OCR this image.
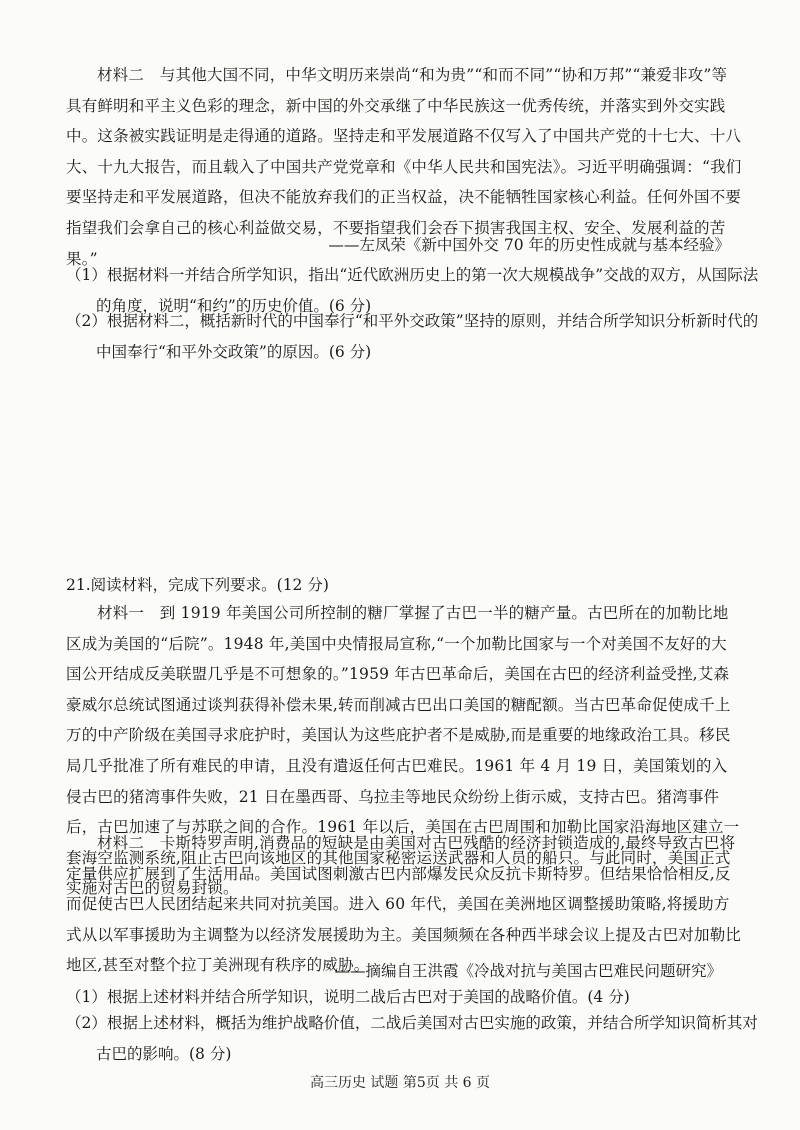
材料二　与其他大国不同，中华文明历来崇尚“和为贵”“和而不同”“协和万邦”“兼爱非攻”等具有鲜明和平主义色彩的理念，新中国的外交承继了中华民族这一优秀传统，并落实到外交实践中。这条被实践证明是走得通的道路。坚持走和平发展道路不仅写入了中国共产党的十七大、十八大、十九大报告，而且载入了中国共产党党章和《中华人民共和国宪法》。习近平明确强调：“我们要坚持走和平发展道路，但决不能放弃我们的正当权益，决不能牺牲国家核心利益。任何外国不要指望我们会拿自己的核心利益做交易，不要指望我们会吞下损害我国主权、安全、发展利益的苦果。”

——左凤荣《新中国外交 70 年的历史性成就与基本经验》

（1）根据材料一并结合所学知识，指出“近代欧洲历史上的第一次大规模战争”交战的双方，从国际法的角度，说明“和约”的历史价值。(6 分)

（2）根据材料二，概括新时代的中国奉行“和平外交政策”坚持的原则，并结合所学知识分析新时代的中国奉行“和平外交政策”的原因。(6 分)

21.阅读材料，完成下列要求。(12 分)

材料一　到 1919 年美国公司所控制的糖厂掌握了古巴一半的糖产量。古巴所在的加勒比地区成为美国的“后院”。1948 年,美国中央情报局宣称,“一个加勒比国家与一个对美国不友好的大国公开结成反美联盟几乎是不可想象的。”1959 年古巴革命后，美国在古巴的经济利益受挫,艾森豪威尔总统试图通过谈判获得补偿未果,转而削减古巴出口美国的糖配额。当古巴革命促使成千上万的中产阶级在美国寻求庇护时，美国认为这些庇护者不是威胁,而是重要的地缘政治工具。移民局几乎批准了所有难民的申请，且没有遣返任何古巴难民。1961 年 4 月 19 日，美国策划的入侵古巴的猪湾事件失败，21 日在墨西哥、乌拉圭等地民众纷纷上街示威，支持古巴。猪湾事件后，古巴加速了与苏联之间的合作。1961 年以后，美国在古巴周围和加勒比国家沿海地区建立一套海空监测系统,阻止古巴向该地区的其他国家秘密运送武器和人员的船只。与此同时，美国正式实施对古巴的贸易封锁。

材料二　卡斯特罗声明,消费品的短缺是由美国对古巴残酷的经济封锁造成的,最终导致古巴将定量供应扩展到了生活用品。美国试图刺激古巴内部爆发民众反抗卡斯特罗。但结果恰恰相反,反而促使古巴人民团结起来共同对抗美国。进入 60 年代，美国在美洲地区调整援助策略,将援助方式从以军事援助为主调整为以经济发展援助为主。美国频频在各种西半球会议上提及古巴对加勒比地区,甚至对整个拉丁美洲现有秩序的威胁。

——摘编自王洪霞《冷战对抗与美国古巴难民问题研究》

（1）根据上述材料并结合所学知识，说明二战后古巴对于美国的战略价值。(4 分)

（2）根据上述材料，概括为维护战略价值，二战后美国对古巴实施的政策，并结合所学知识简析其对古巴的影响。(8 分)

高三历史 试题 第5页 共 6 页
